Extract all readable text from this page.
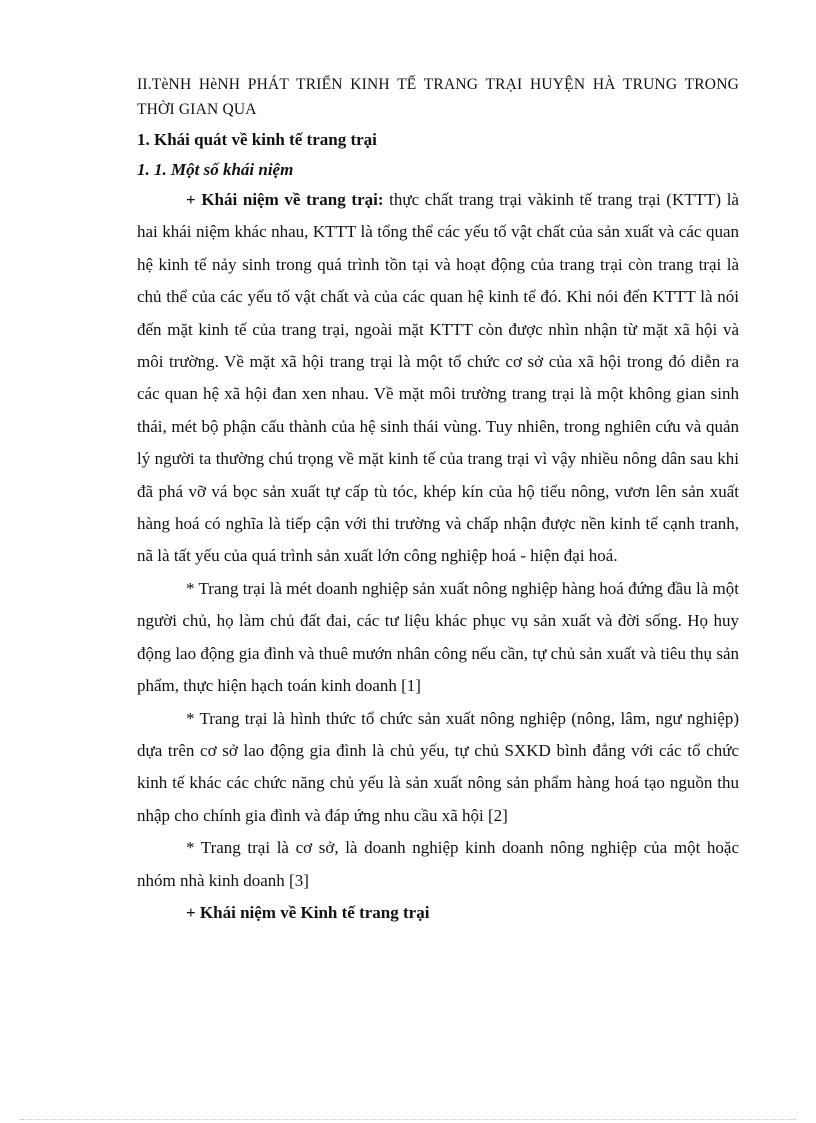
II.TèNH HèNH PHÁT TRIỂN KINH TẾ TRANG TRẠI HUYỆN HÀ TRUNG TRONG THỜI GIAN QUA

1. Khái quát về kinh tế trang trại
1. 1. Một số khái niệm

+ Khái niệm về trang trại: thực chất trang trại vàkinh tế trang trại (KTTT) là hai khái niệm khác nhau, KTTT là tổng thể các yếu tố vật chất của sản xuất và các quan hệ kinh tế nảy sinh trong quá trình tồn tại và hoạt động của trang trại còn trang trại là chủ thể của các yếu tố vật chất và của các quan hệ kinh tế đó. Khi nói đến KTTT là nói đến mặt kinh tế của trang trại, ngoài mặt KTTT còn được nhìn nhận từ mặt xã hội và môi trường. Về mặt xã hội trang trại là một tổ chức cơ sở của xã hội trong đó diễn ra các quan hệ xã hội đan xen nhau. Về mặt môi trường trang trại là một không gian sinh thái, mét bộ phận cấu thành của hệ sinh thái vùng. Tuy nhiên, trong nghiên cứu và quản lý người ta thường chú trọng về mặt kinh tế của trang trại vì vậy nhiều nông dân sau khi đã phá vỡ vá bọc sản xuất tự cấp tù tóc, khép kín của hộ tiểu nông, vươn lên sản xuất hàng hoá có nghĩa là tiếp cận với thi trường và chấp nhận được nền kinh tế cạnh tranh, nã là tất yếu của quá trình sản xuất lớn công nghiệp hoá - hiện đại hoá.

* Trang trại là mét doanh nghiệp sản xuất nông nghiệp hàng hoá đứng đầu là một người chủ, họ làm chủ đất đai, các tư liệu khác phục vụ sản xuất và đời sống. Họ huy động lao động gia đình và thuê mướn nhân công nếu cần, tự chủ sản xuất và tiêu thụ sản phẩm, thực hiện hạch toán kinh doanh [1]

* Trang trại là hình thức tổ chức sản xuất nông nghiệp (nông, lâm, ngư nghiệp) dựa trên cơ sở lao động gia đình là chủ yếu, tự chủ SXKD bình đẳng với các tổ chức kinh tế khác các chức năng chủ yếu là sản xuất nông sản phẩm hàng hoá tạo nguồn thu nhập cho chính gia đình và đáp ứng nhu cầu xã hội [2]

* Trang trại là cơ sở, là doanh nghiệp kinh doanh nông nghiệp của một hoặc nhóm nhà kinh doanh [3]

+ Khái niệm về Kinh tế trang trại
